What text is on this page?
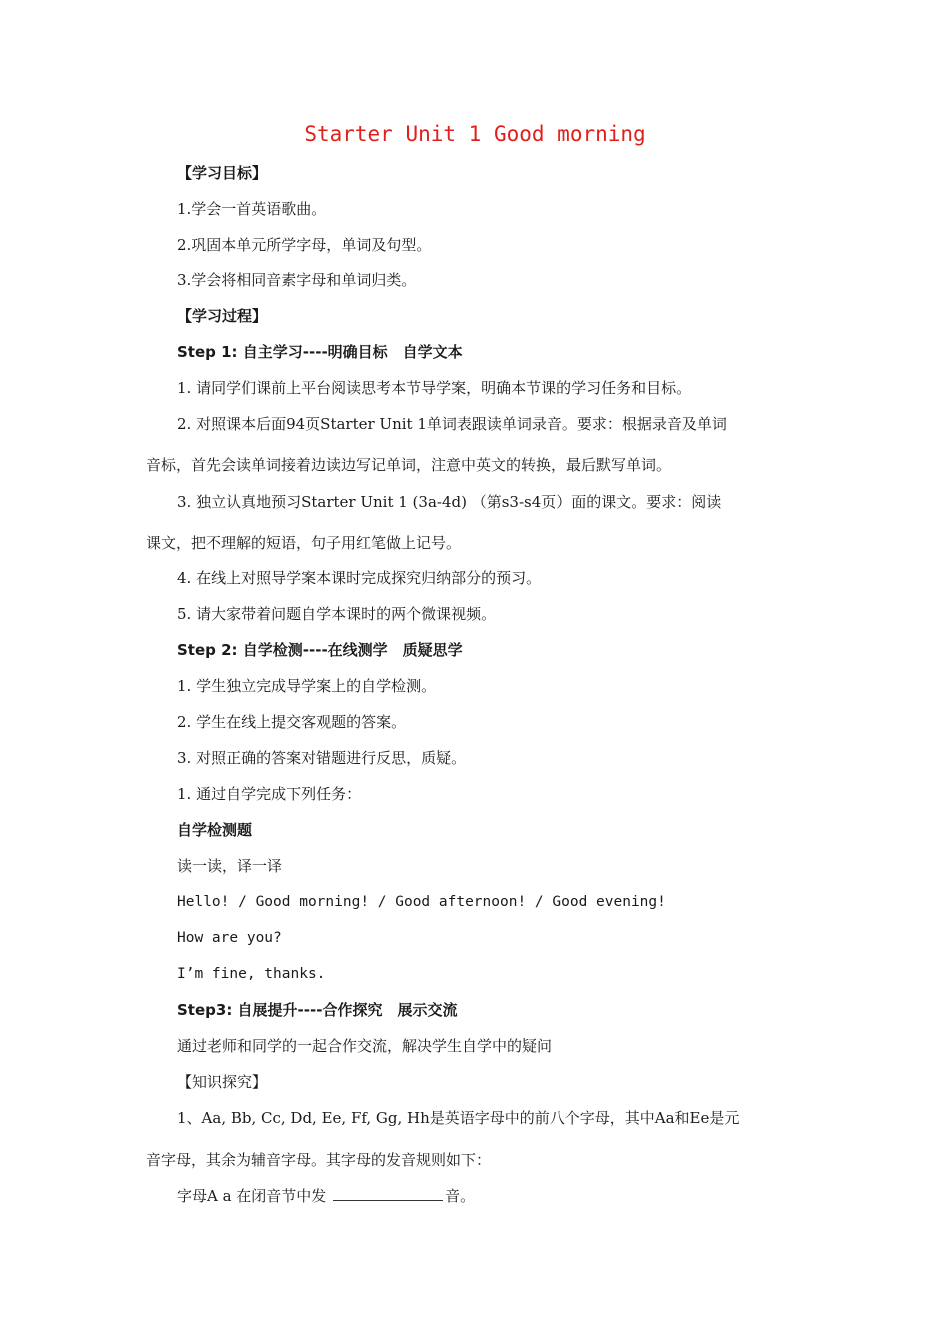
Starter Unit 1 Good morning
【学习目标】
1.学会一首英语歌曲。
2.巩固本单元所学字母，单词及句型。
3.学会将相同音素字母和单词归类。
【学习过程】
Step 1: 自主学习----明确目标　自学文本
1. 请同学们课前上平台阅读思考本节导学案，明确本节课的学习任务和目标。
2. 对照课本后面94页Starter Unit 1单词表跟读单词录音。要求：根据录音及单词
音标，首先会读单词接着边读边写记单词，注意中英文的转换，最后默写单词。
3. 独立认真地预习Starter Unit 1 (3a-4d) （第s3-s4页）面的课文。要求：阅读
课文，把不理解的短语，句子用红笔做上记号。
4. 在线上对照导学案本课时完成探究归纳部分的预习。
5. 请大家带着问题自学本课时的两个微课视频。
Step 2: 自学检测----在线测学　质疑思学
1. 学生独立完成导学案上的自学检测。
2. 学生在线上提交客观题的答案。
3. 对照正确的答案对错题进行反思，质疑。
1. 通过自学完成下列任务：
自学检测题
读一读，译一译
Hello! / Good morning! / Good afternoon! / Good evening!
How are you?
I’m fine, thanks.
Step3: 自展提升----合作探究　展示交流
通过老师和同学的一起合作交流，解决学生自学中的疑问
【知识探究】
1、Aa, Bb, Cc, Dd, Ee, Ff, Gg, Hh是英语字母中的前八个字母，其中Aa和Ee是元
音字母，其余为辅音字母。其字母的发音规则如下：
字母A a 在闭音节中发	音。
